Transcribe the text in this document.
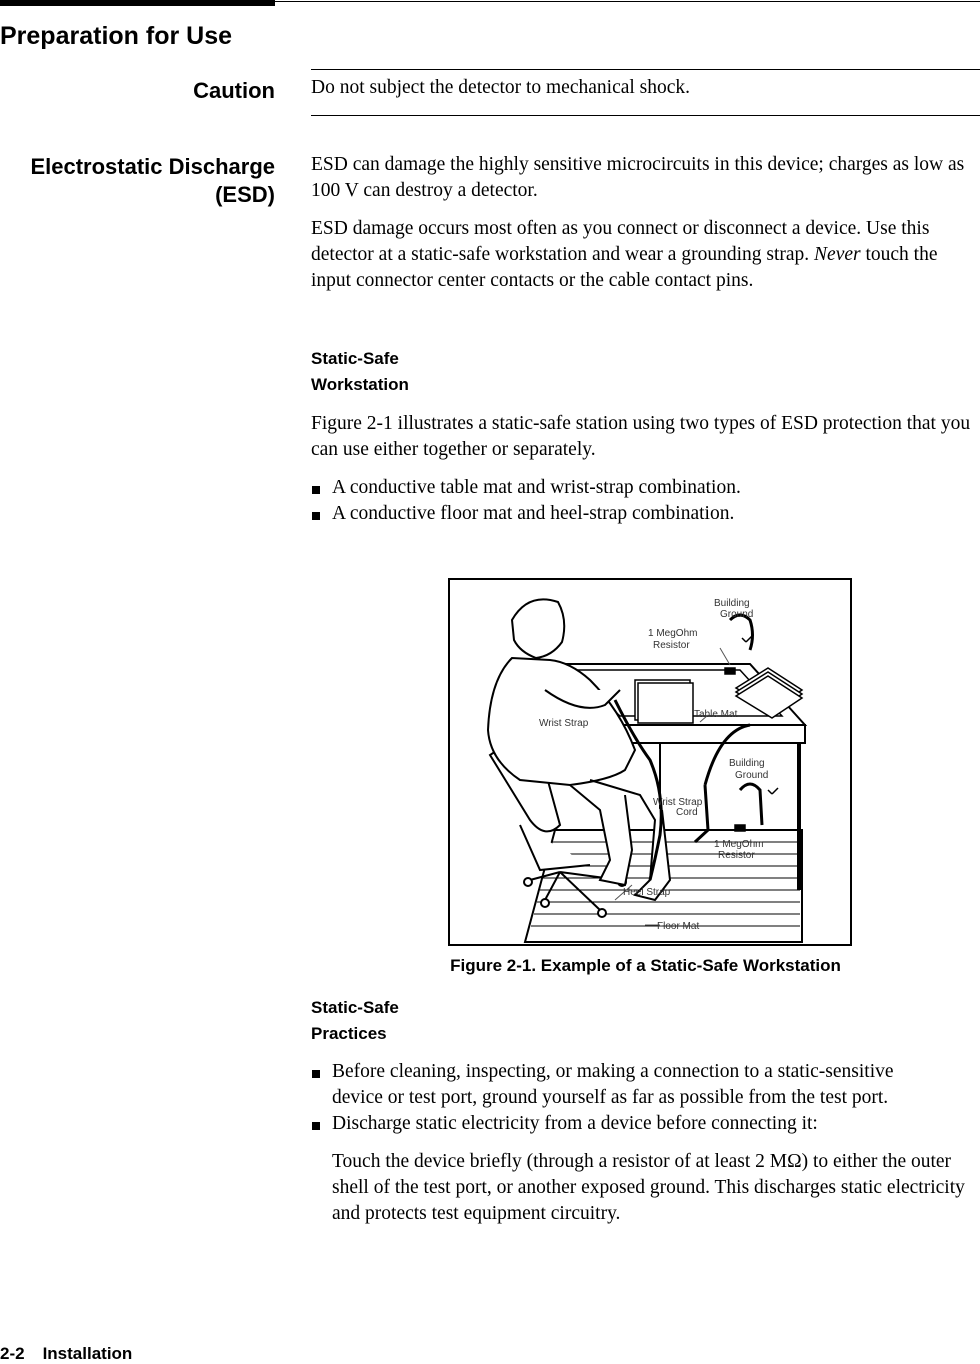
Preparation for Use
Caution Do not subject the detector to mechanical shock.
Electrostatic Discharge
(ESD)

ESD can damage the highly sensitive microcircuits in this device; charges as low as 100 V can destroy a detector.

ESD damage occurs most often as you connect or disconnect a device. Use this detector at a static-safe workstation and wear a grounding strap. Never touch the input connector center contacts or the cable contact pins.

Static-Safe
Workstation

Figure 2-1 illustrates a static-safe station using two types of ESD protection that you can use either together or separately.

A conductive table mat and wrist-strap combination.
A conductive floor mat and heel-strap combination.
Building
Ground
1 MegOhm
Resistor
Wrist Strap
Table Mat
Building
Ground
Wrist Strap
Cord
1 MegOhm
Resistor
Heel Strap
Floor Mat
Figure 2-1. Example of a Static-Safe Workstation
Static-Safe
Practices
Before cleaning, inspecting, or making a connection to a static-sensitive device or test port, ground yourself as far as possible from the test port.
Discharge static electricity from a device before connecting it:

Touch the device briefly (through a resistor of at least 2 MΩ) to either the outer shell of the test port, or another exposed ground. This discharges static electricity and protects test equipment circuitry.

2-2 Installation
